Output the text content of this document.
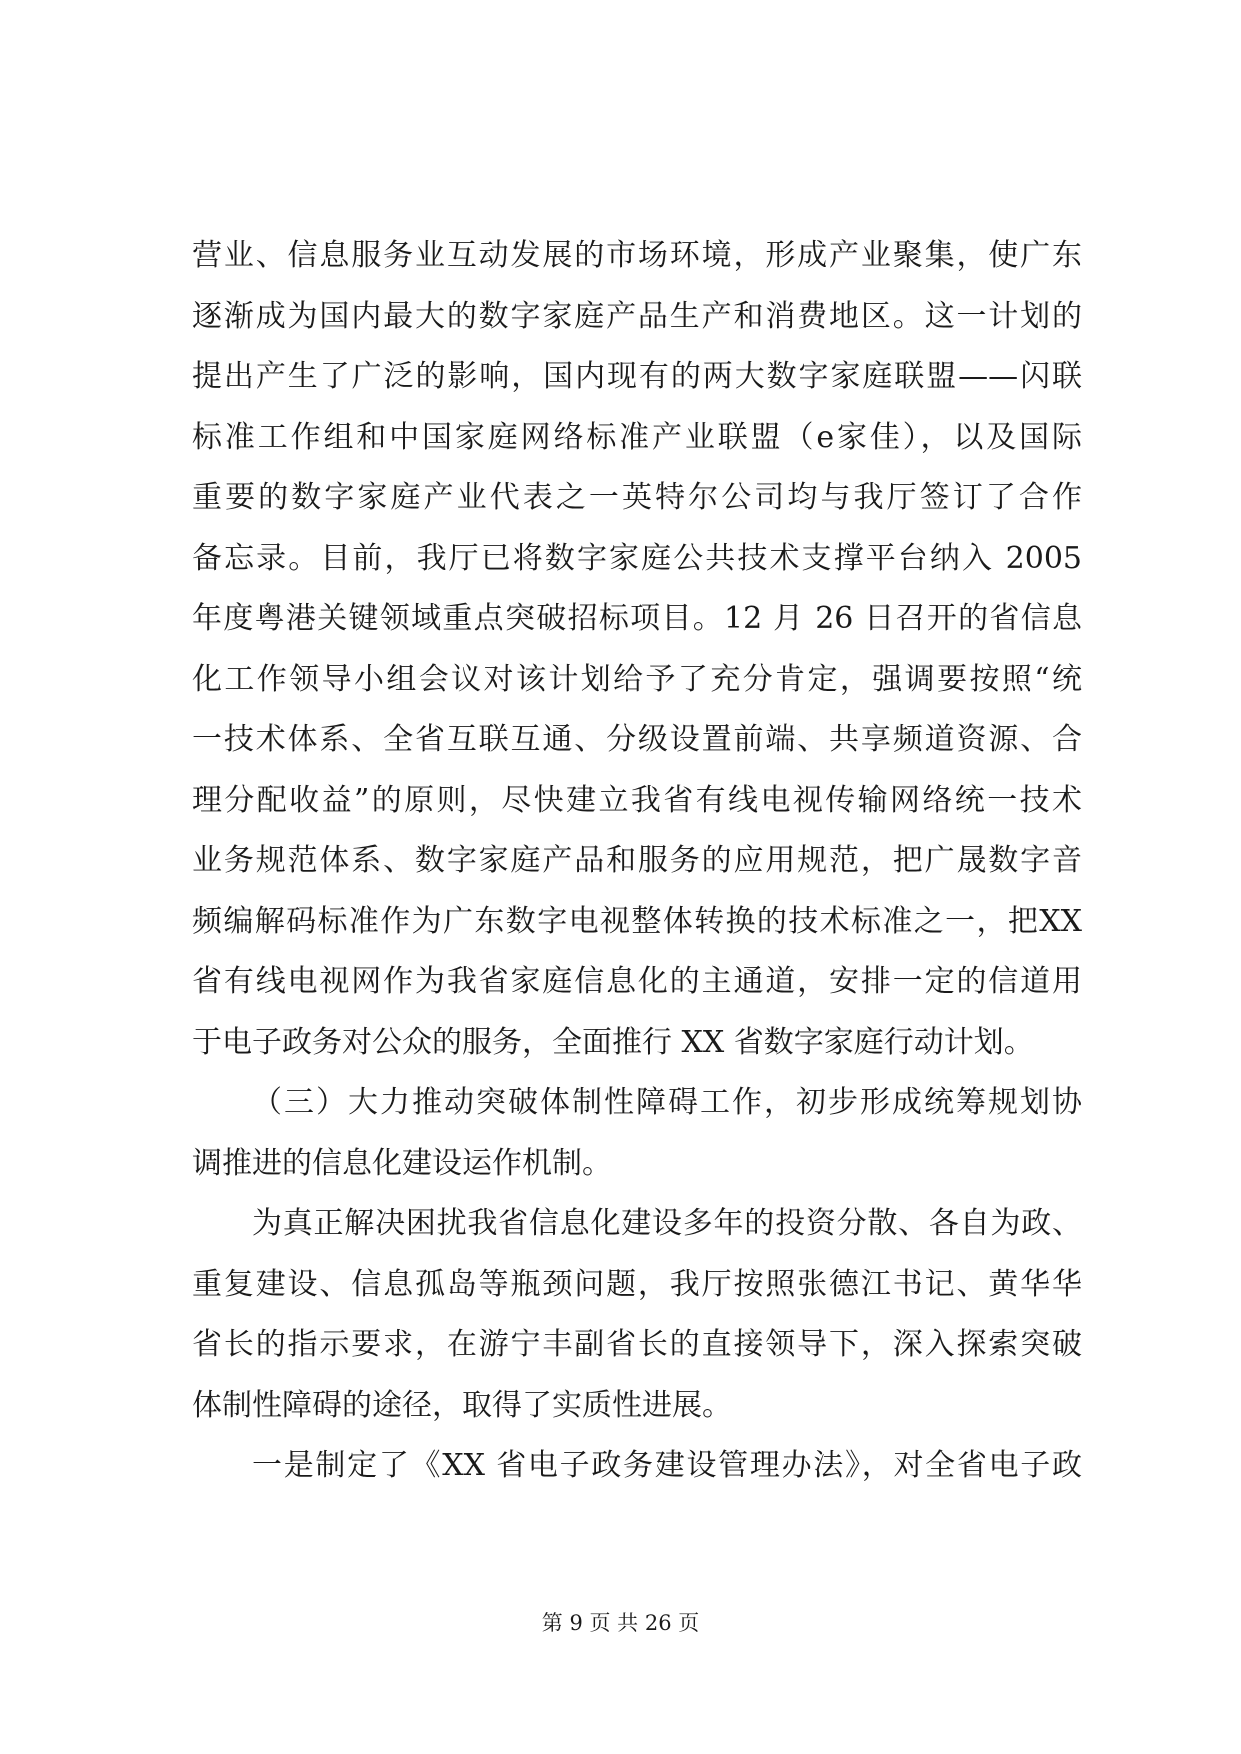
营业、信息服务业互动发展的市场环境，形成产业聚集，使广东
逐渐成为国内最大的数字家庭产品生产和消费地区。这一计划的
提出产生了广泛的影响，国内现有的两大数字家庭联盟——闪联
标准工作组和中国家庭网络标准产业联盟（e家佳），以及国际
重要的数字家庭产业代表之一英特尔公司均与我厅签订了合作
备忘录。目前，我厅已将数字家庭公共技术支撑平台纳入 2005
年度粤港关键领域重点突破招标项目。12 月 26 日召开的省信息
化工作领导小组会议对该计划给予了充分肯定，强调要按照“统
一技术体系、全省互联互通、分级设置前端、共享频道资源、合
理分配收益”的原则，尽快建立我省有线电视传输网络统一技术
业务规范体系、数字家庭产品和服务的应用规范，把广晟数字音
频编解码标准作为广东数字电视整体转换的技术标准之一，把XX
省有线电视网作为我省家庭信息化的主通道，安排一定的信道用
于电子政务对公众的服务，全面推行 XX 省数字家庭行动计划。
（三）大力推动突破体制性障碍工作，初步形成统筹规划协
调推进的信息化建设运作机制。
为真正解决困扰我省信息化建设多年的投资分散、各自为政、
重复建设、信息孤岛等瓶颈问题，我厅按照张德江书记、黄华华
省长的指示要求，在游宁丰副省长的直接领导下，深入探索突破
体制性障碍的途径，取得了实质性进展。
一是制定了《XX 省电子政务建设管理办法》，对全省电子政
第 9 页 共 26 页
